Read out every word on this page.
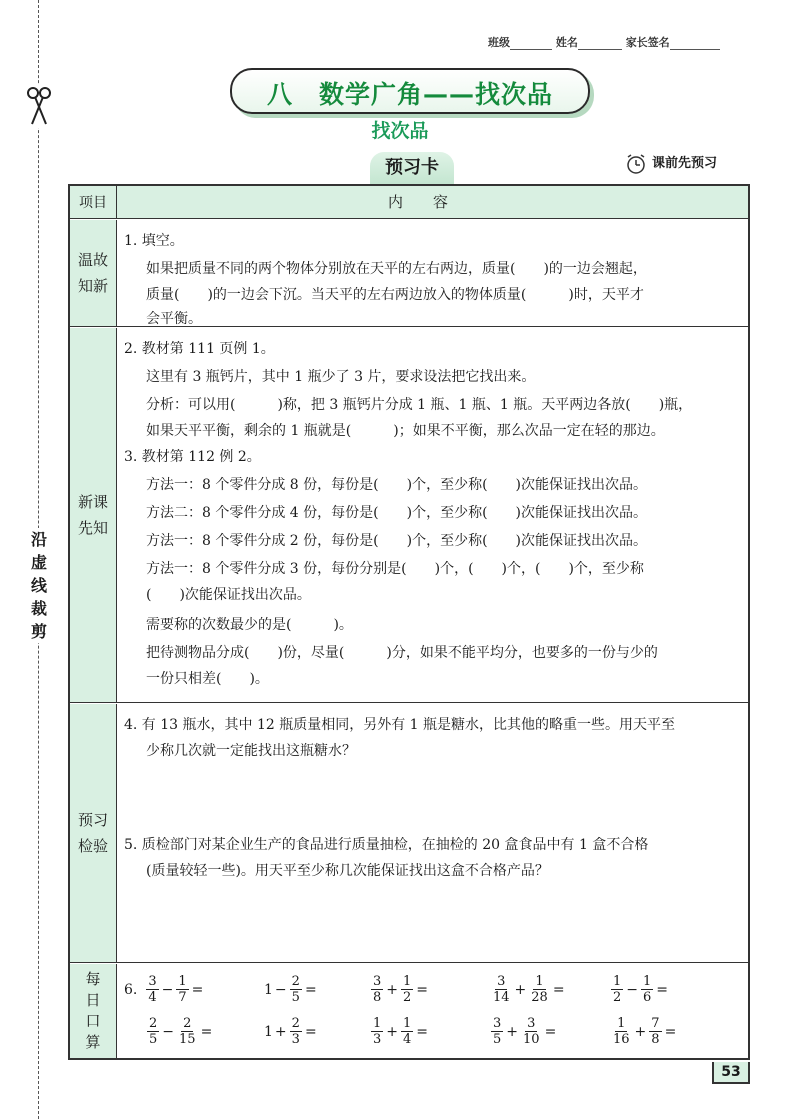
沿虚线裁剪
班级	姓名	家长签名
八　数学广角——找次品
找次品
预习卡	课前先预习
项目	内容
温故知新
1. 填空。
如果把质量不同的两个物体分别放在天平的左右两边，质量(　　)的一边会翘起，
质量(　　)的一边会下沉。当天平的左右两边放入的物体质量(　　　)时，天平才
会平衡。
新课先知
2. 教材第 111 页例 1。
这里有 3 瓶钙片，其中 1 瓶少了 3 片，要求设法把它找出来。
分析：可以用(　　　)称，把 3 瓶钙片分成 1 瓶、1 瓶、1 瓶。天平两边各放(　　)瓶，
如果天平平衡，剩余的 1 瓶就是(　　　)；如果不平衡，那么次品一定在轻的那边。
3. 教材第 112 例 2。
方法一：8 个零件分成 8 份，每份是(　　)个，至少称(　　)次能保证找出次品。
方法二：8 个零件分成 4 份，每份是(　　)个，至少称(　　)次能保证找出次品。
方法一：8 个零件分成 2 份，每份是(　　)个，至少称(　　)次能保证找出次品。
方法一：8 个零件分成 3 份，每份分别是(　　)个，(　　)个，(　　)个，至少称
(　　)次能保证找出次品。
需要称的次数最少的是(　　　)。
把待测物品分成(　　)份，尽量(　　　)分，如果不能平均分，也要多的一份与少的
一份只相差(　　)。
预习检验
4. 有 13 瓶水，其中 12 瓶质量相同，另外有 1 瓶是糖水，比其他的略重一些。用天平至
少称几次就一定能找出这瓶糖水？
5. 质检部门对某企业生产的食品进行质量抽检，在抽检的 20 盒食品中有 1 盒不合格
(质量较轻一些)。用天平至少称几次能保证找出这盒不合格产品？
每日口算
6. $\frac{3}{4} - \frac{1}{7}$ =	$1 - \frac{2}{5}$ =	$\frac{3}{8} + \frac{1}{2}$ =	$\frac{3}{14} + \frac{1}{28}$ =	$\frac{1}{2} - \frac{1}{6}$ =
$\frac{2}{5} - \frac{2}{15}$ =	$1 + \frac{2}{3}$ =	$\frac{1}{3} + \frac{1}{4}$ =	$\frac{3}{5} + \frac{3}{10}$ =	$\frac{1}{16} + \frac{7}{8}$ =
53
